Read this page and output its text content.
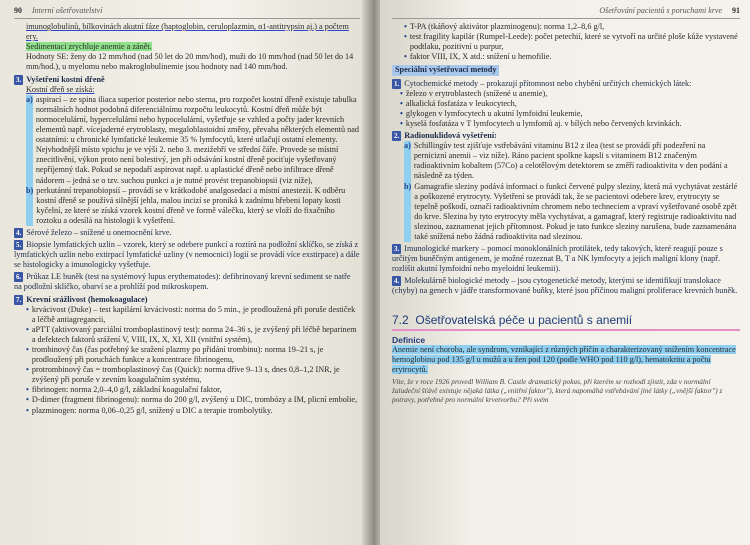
90	Interní ošetřovatelství

imunoglobulinů, bílkovinách akutní fáze (haptoglobin, ceruloplazmin, α1-antitrypsin aj.) a počtem ery.

Sedimentaci zrychluje anemie a zánět.

Hodnoty SE: ženy do 12 mm/hod (nad 50 let do 20 mm/hod), muži do 10 mm/hod (nad 50 let do 14 mm/hod.), u myelomu nebo makroglobulinemie jsou hodnoty nad 140 mm/hod.

3. Vyšetření kostní dřeně

Kostní dřeň se získá:

a) aspirací – ze spina iliaca superior posterior nebo sterna, pro rozpočet kostní dřeně existuje tabulka normálních hodnot podobná diferenciálnímu rozpočtu leukocytů. Kostní dřeň může být normocelulární, hypercelulární nebo hypocelulární, vyšetřuje se vzhled a počty jader krevních elementů např. vícejaderné erytroblasty, megaloblastoidní změny, převaha některých elementů nad ostatními: u chronické lymfatické leukemie 35 % lymfocytů, které utlačují ostatní elementy. Nejvhodnější místo vpichu je ve výši 2. nebo 3. mezižebří ve střední čáře. Provede se místní znecitlivění, výkon proto není bolestivý, jen při odsávání kostní dřeně pociťuje vyšetřovaný nepříjemný tlak. Pokud se nepodaří aspirovat např. u aplastické dřeně nebo infiltrace dřeně nádorem – jedná se o tzv. suchou punkci a je nutné provést trepanobiopsii (viz níže),
b) perkutánní trepanobiopsií – provádí se v krátkodobé analgosedaci a místní anestezii. K odběru kostní dřeně se používá silnější jehla, malou incizí se proniká k zadnímu hřebeni lopaty kosti kyčelní, ze které se získá vzorek kostní dřeně ve formě válečku, který se vloží do fixačního roztoku a odesílá na histologii k vyšetření.
4. Sérové železo – snížené u onemocnění krve.
5. Biopsie lymfatických uzlin – vzorek, který se odebere punkcí a roztírá na podložní sklíčko, se získá z lymfatických uzlin nebo extirpací lymfatické uzliny (v nemocnici) logií se provádí více exstirpace) a dále se histologicky a imunologicky vyšetřuje.
6. Průkaz LE buněk (test na systémový lupus erythematodes): defibrinovaný krevní sediment se natře na podložní sklíčko, obarví se a prohlíží pod mikroskopem.
7. Krevní srážlivost (hemokoagulace)
• krvácivost (Duke) – test kapilární krvácivosti: norma do 5 min., je prodloužená při poruše destiček a léčbě antiagregancii,
• aPTT (aktivovaný parciální tromboplastinový test): norma 24–36 s, je zvýšený při léčbě heparinem a defektech faktorů srážení V, VIII, IX, X, XI, XII (vnitřní systém),
• trombinový čas (čas potřebný ke sražení plazmy po přidání trombinu): norma 19–21 s, je prodloužený při poruchách funkce a koncentrace fibrinogenu,
• protrombinový čas = tromboplastinový čas (Quick): norma dříve 9–13 s, dnes 0,8–1,2 INR, je zvýšený při poruše v zevním koagulačním systému,
• fibrinogen: norma 2,0–4,0 g/l, základní koagulační faktor,
• D-dimer (fragment fibrinogenu): norma do 200 g/l, zvýšený u DIC, trombózy a IM, plicní embolie,
• plazminogen: norma 0,06–0,25 g/l, snížený u DIC a terapie trombolytiky.
Ošetřování pacientů s poruchami krve	91
• T-PA (tkáňový aktivátor plazminogenu): norma 1,2–8,6 g/l,
• test fragility kapilár (Rumpel-Leede): počet petechií, které se vytvoří na určité ploše kůže vystavené podtlaku, pozitivní u purpur,
• faktor VIII, IX, X atd.: snížení u hemofilie.
Speciální vyšetřovací metody
1. Cytochemické metody – prokazují přítomnost nebo chybění určitých chemických látek:
• železo v erytroblastech (snížené u anemie),
• alkalická fosfatáza v leukocytech,
• glykogen v lymfocytech u akutní lymfoidní leukemie,
• kyselá fosfatáza v T lymfocytech u lymfomů aj. v bílých nebo červených krvinkách.
2. Radionuklidová vyšetření:
a) Schillingův test zjišťuje vstřebávání vitaminu B12 z ilea (test se provádí při podezření na pernicizní anemii – viz níže). Ráno pacient spolkne kapsli s vitaminem B12 značeným radioaktivním kobaltem (57Co) a celotělovým detektorem se změří radioaktivita v den podání a následně za týden.
b) Gamagrafie sleziny podává informaci o funkci červené pulpy sleziny, která má vychytávat zestárlé a poškozené erytrocyty. Vyšetření se provádí tak, že se pacientovi odebere krev, erytrocyty se tepelně poškodí, označí radioaktivním chromem nebo techneciem a vpraví vyšetřované osobě zpět do krve. Slezina by tyto erytrocyty měla vychytávat, a gamagraf, který registruje radioaktivitu nad slezinou, zaznamenat jejich přítomnost. Pokud je tato funkce sleziny narušena, bude zaznamenána také snížená nebo žádná radioaktivita nad slezinou.
3. Imunologické markery – pomocí monoklonálních protilátek, tedy takových, které reagují pouze s určitým buněčným antigenem, je možné rozeznat B, T a NK lymfocyty a jejich maligní klony (např. rozlišit akutní lymfoidní nebo myeloidní leukemii).
4. Molekulárně biologické metody – jsou cytogenetické metody, kterými se identifikují translokace (chyby) na genech v jádře transformované buňky, které jsou příčinou maligní proliferace krevních buněk.
7.2 Ošetřovatelská péče u pacientů s anemií
Definice

Anemie není choroba, ale syndrom, vznikající z různých příčin a charakterizovaný snížením koncentrace hemoglobinu pod 135 g/l u mužů a u žen pod 120 (podle WHO pod 110 g/l), hematokritu a počtu erytrocytů.

Víte, že v roce 1926 provedl William B. Castle dramatický pokus, při kterém se rozhodl zjistit, zda v normální žaludeční šťávě existuje nějaká látka („vnitřní faktor"), která napomáhá vstřebávání jiné látky („vnější faktor") z potravy, potřebné pro normální krvetvorbu? Při svém
